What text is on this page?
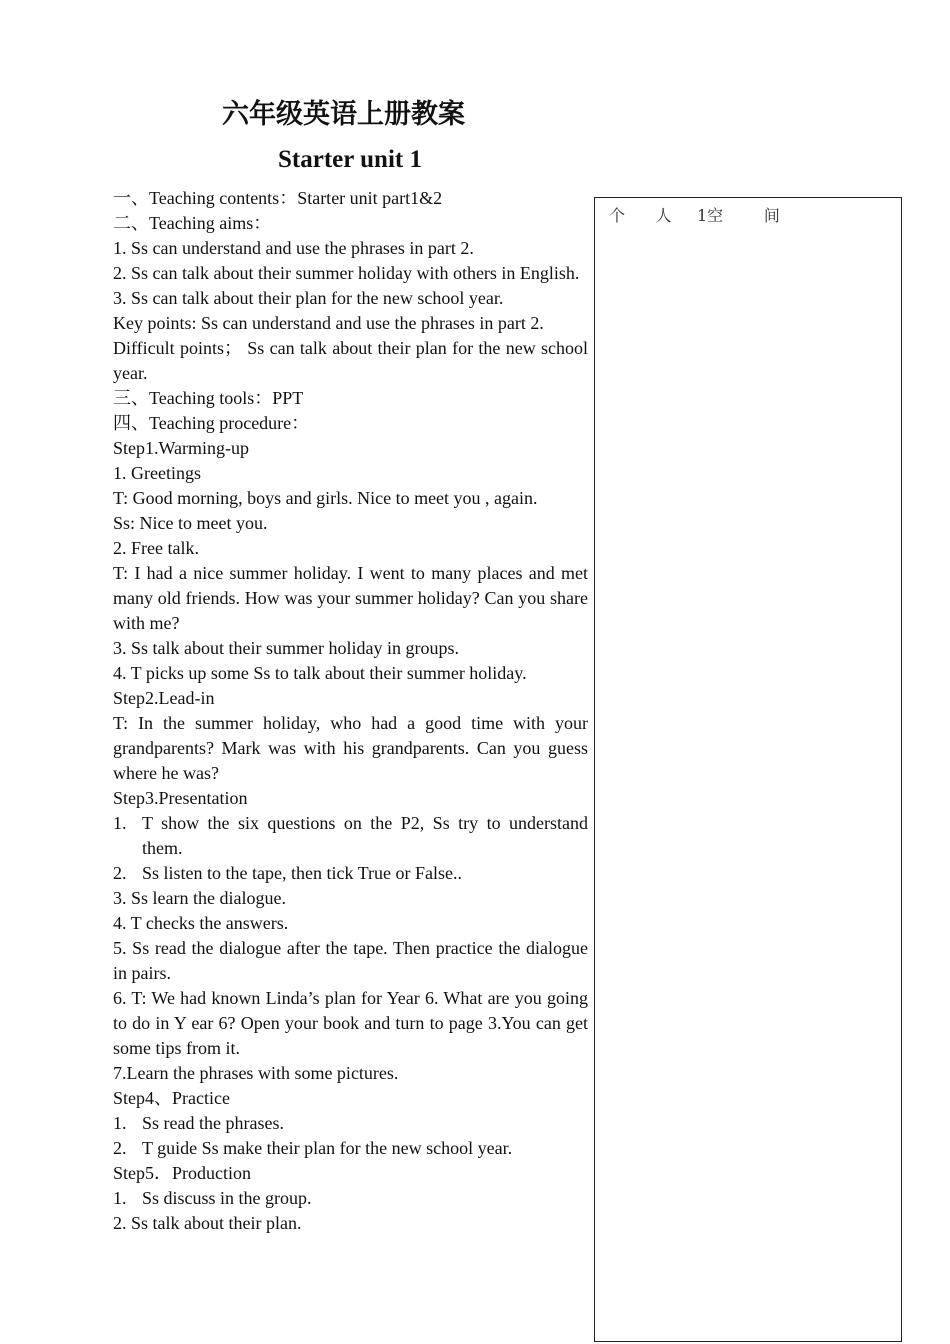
六年级英语上册教案
Starter unit 1

一、Teaching contents：Starter unit part1&2

二、Teaching aims：

1. Ss can understand and use the phrases in part 2.

2. Ss can talk about their summer holiday with others in English.

3. Ss can talk about their plan for the new school year.

Key points: Ss can understand and use the phrases in part 2.

Difficult points； Ss can talk about their plan for the new school year.

三、Teaching tools：PPT

四、Teaching procedure：

Step1.Warming-up

1. Greetings

T: Good morning, boys and girls. Nice to meet you , again.

Ss: Nice to meet you.

2. Free talk.

T: I had a nice summer holiday. I went to many places and met many old friends. How was your summer holiday? Can you share with me?

3. Ss talk about their summer holiday in groups.

4. T picks up some Ss to talk about their summer holiday.

Step2.Lead-in

T: In the summer holiday, who had a good time with your grandparents? Mark was with his grandparents. Can you guess where he was?

Step3.Presentation

1. T show the six questions on the P2, Ss try to understand them.

2. Ss listen to the tape, then tick True or False..

3. Ss learn the dialogue.

4. T checks the answers.

5. Ss read the dialogue after the tape. Then practice the dialogue in pairs.

6. T: We had known Linda’s plan for Year 6. What are you going to do in Y ear 6? Open your book and turn to page 3.You can get some tips from it.

7.Learn the phrases with some pictures.

Step4、Practice

1. Ss read the phrases.

2. T guide Ss make their plan for the new school year.

Step5．Production

1. Ss discuss in the group.

2. Ss talk about their plan.

个      人     1空        间
